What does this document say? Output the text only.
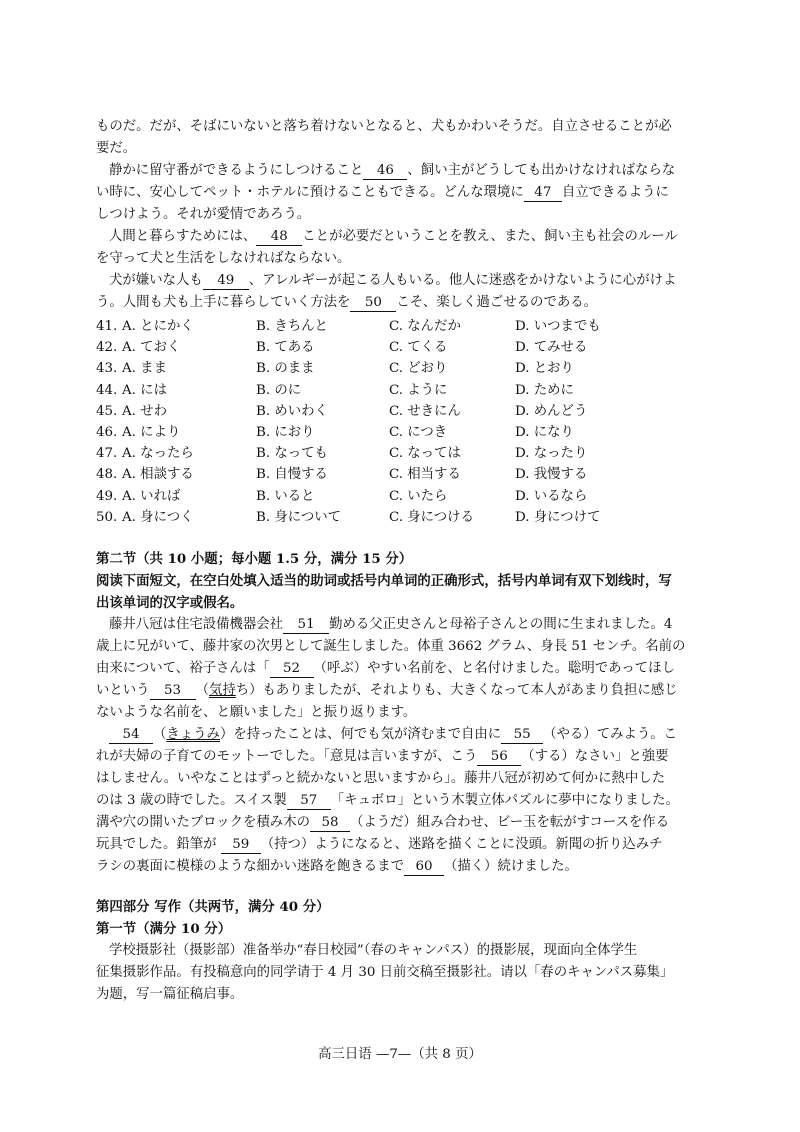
ものだ。だが、そばにいないと落ち着けないとなると、犬もかわいそうだ。自立させることが必
要だ。
静かに留守番ができるようにしつけること 46 、飼い主がどうしても出かけなければならな
い時に、安心してペット・ホテルに預けることもできる。どんな環境に 47 自立できるように
しつけよう。それが愛情であろう。
人間と暮らすためには、 48 ことが必要だということを教え、また、飼い主も社会のルール
を守って犬と生活をしなければならない。
犬が嫌いな人も 49 、アレルギーが起こる人もいる。他人に迷惑をかけないように心がけよ
う。人間も犬も上手に暮らしていく方法を 50 こそ、楽しく過ごせるのである。
41. A. とにかく	B. きちんと	C. なんだか	D. いつまでも
42. A. ておく	B. てある	C. てくる	D. てみせる
43. A. まま	B. のまま	C. どおり	D. とおり
44. A. には	B. のに	C. ように	D. ために
45. A. せわ	B. めいわく	C. せきにん	D. めんどう
46. A. により	B. におり	C. につき	D. になり
47. A. なったら	B. なっても	C. なっては	D. なったり
48. A. 相談する	B. 自慢する	C. 相当する	D. 我慢する
49. A. いれば	B. いると	C. いたら	D. いるなら
50. A. 身につく	B. 身について	C. 身につける	D. 身につけて
第二节（共 10 小题；每小题 1.5 分，满分 15 分）
阅读下面短文，在空白处填入适当的助词或括号内单词的正确形式，括号内单词有双下划线时，写
出该单词的汉字或假名。
藤井八冠は住宅設備機器会社 51 勤める父正史さんと母裕子さんとの間に生まれました。4
歳上に兄がいて、藤井家の次男として誕生しました。体重 3662 グラム、身長 51 センチ。名前の
由来について、裕子さんは「 52 （呼ぶ）やすい名前を、と名付けました。聡明であってほし
いという 53 （気持ち）もありましたが、それよりも、大きくなって本人があまり負担に感じ
ないような名前を、と願いました」と振り返ります。
54 （きょうみ）を持ったことは、何でも気が済むまで自由に 55 （やる）てみよう。こ
れが夫婦の子育てのモットーでした。「意見は言いますが、こう 56 （する）なさい」と強要
はしません。いやなことはずっと続かないと思いますから」。藤井八冠が初めて何かに熱中した
のは 3 歳の時でした。スイス製 57 「キュボロ」という木製立体パズルに夢中になりました。
溝や穴の開いたブロックを積み木の 58 （ようだ）組み合わせ、ビー玉を転がすコースを作る
玩具でした。鉛筆が 59 （持つ）ようになると、迷路を描くことに没頭。新聞の折り込みチ
ラシの裏面に模様のような細かい迷路を飽きるまで 60 （描く）続けました。
第四部分 写作（共两节，满分 40 分）
第一节（满分 10 分）
学校摄影社（摄影部）准备举办“春日校园”（春のキャンパス）的摄影展，现面向全体学生
征集摄影作品。有投稿意向的同学请于 4 月 30 日前交稿至摄影社。请以「春のキャンパス募集」
为题，写一篇征稿启事。
高三日语 —7—（共 8 页）
